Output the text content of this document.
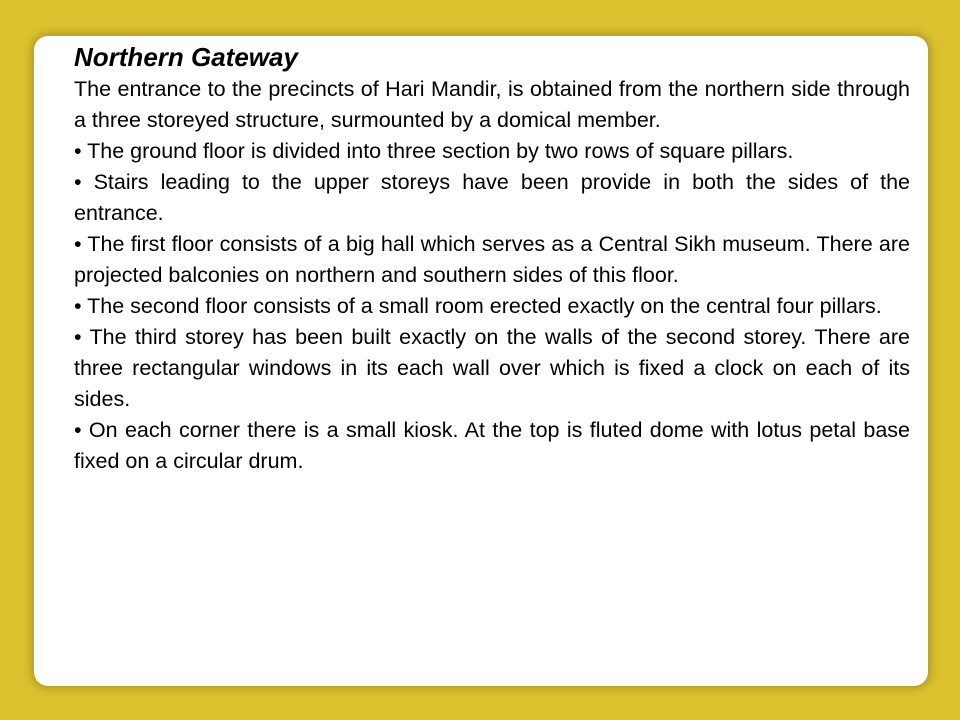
Northern Gateway

The entrance to the precincts of Hari Mandir, is obtained from the northern side through a three storeyed structure, surmounted by a domical member.

• The ground floor is divided into three section by two rows of square pillars.

• Stairs leading to the upper storeys have been provide in both the sides of the entrance.

• The first floor consists of a big hall which serves as a Central Sikh museum. There are projected balconies on northern and southern sides of this floor.

• The second floor consists of a small room erected exactly on the central four pillars.

• The third storey has been built exactly on the walls of the second storey. There are three rectangular windows in its each wall over which is fixed a clock on each of its sides.

• On each corner there is a small kiosk. At the top is fluted dome with lotus petal base fixed on a circular drum.
